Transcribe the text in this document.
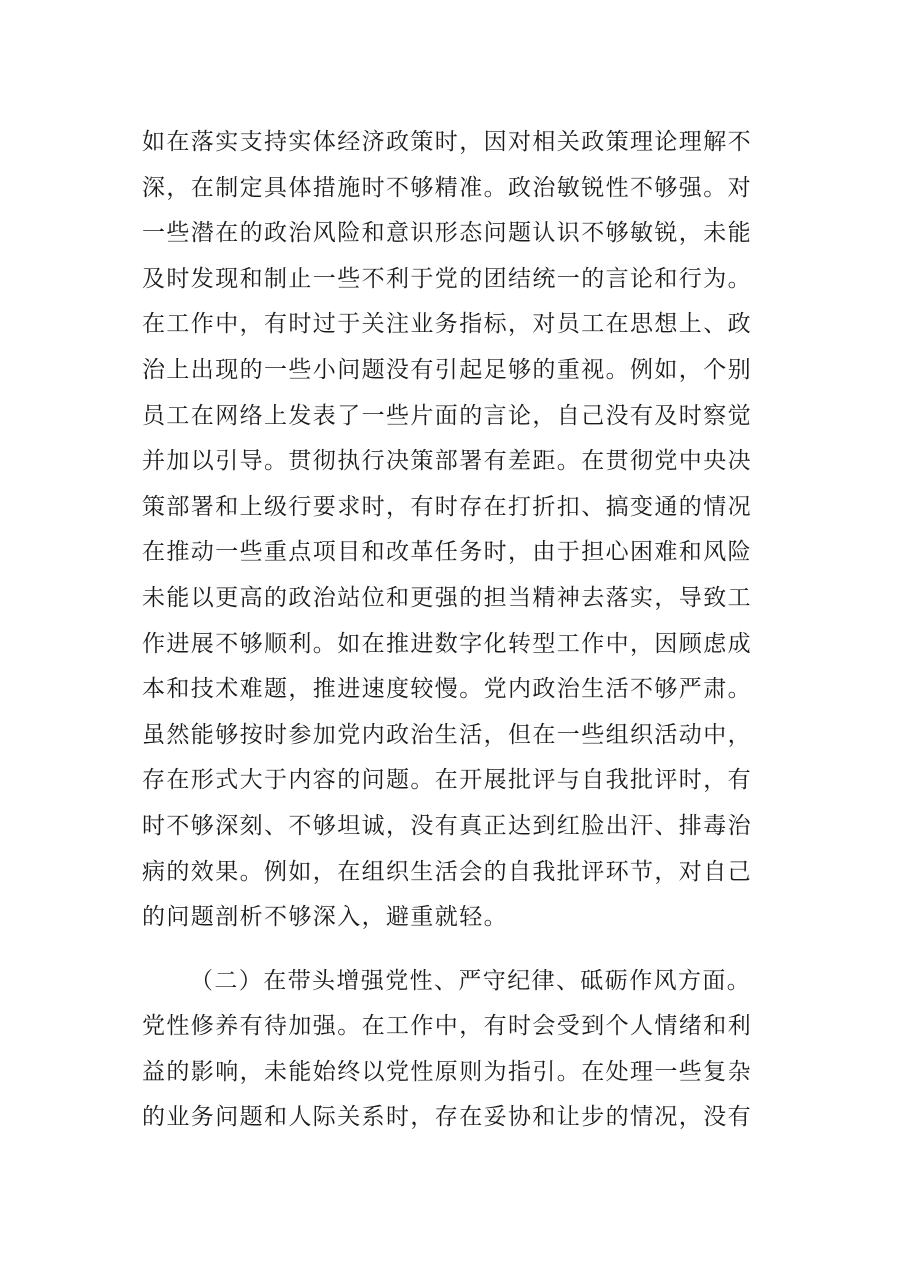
如在落实支持实体经济政策时，因对相关政策理论理解不
深，在制定具体措施时不够精准。政治敏锐性不够强。对
一些潜在的政治风险和意识形态问题认识不够敏锐，未能
及时发现和制止一些不利于党的团结统一的言论和行为。
在工作中，有时过于关注业务指标，对员工在思想上、政
治上出现的一些小问题没有引起足够的重视。例如，个别
员工在网络上发表了一些片面的言论，自己没有及时察觉
并加以引导。贯彻执行决策部署有差距。在贯彻党中央决
策部署和上级行要求时，有时存在打折扣、搞变通的情况
在推动一些重点项目和改革任务时，由于担心困难和风险
未能以更高的政治站位和更强的担当精神去落实，导致工
作进展不够顺利。如在推进数字化转型工作中，因顾虑成
本和技术难题，推进速度较慢。党内政治生活不够严肃。
虽然能够按时参加党内政治生活，但在一些组织活动中，
存在形式大于内容的问题。在开展批评与自我批评时，有
时不够深刻、不够坦诚，没有真正达到红脸出汗、排毒治
病的效果。例如，在组织生活会的自我批评环节，对自己
的问题剖析不够深入，避重就轻。
（二）在带头增强党性、严守纪律、砥砺作风方面。
党性修养有待加强。在工作中，有时会受到个人情绪和利
益的影响，未能始终以党性原则为指引。在处理一些复杂
的业务问题和人际关系时，存在妥协和让步的情况，没有
